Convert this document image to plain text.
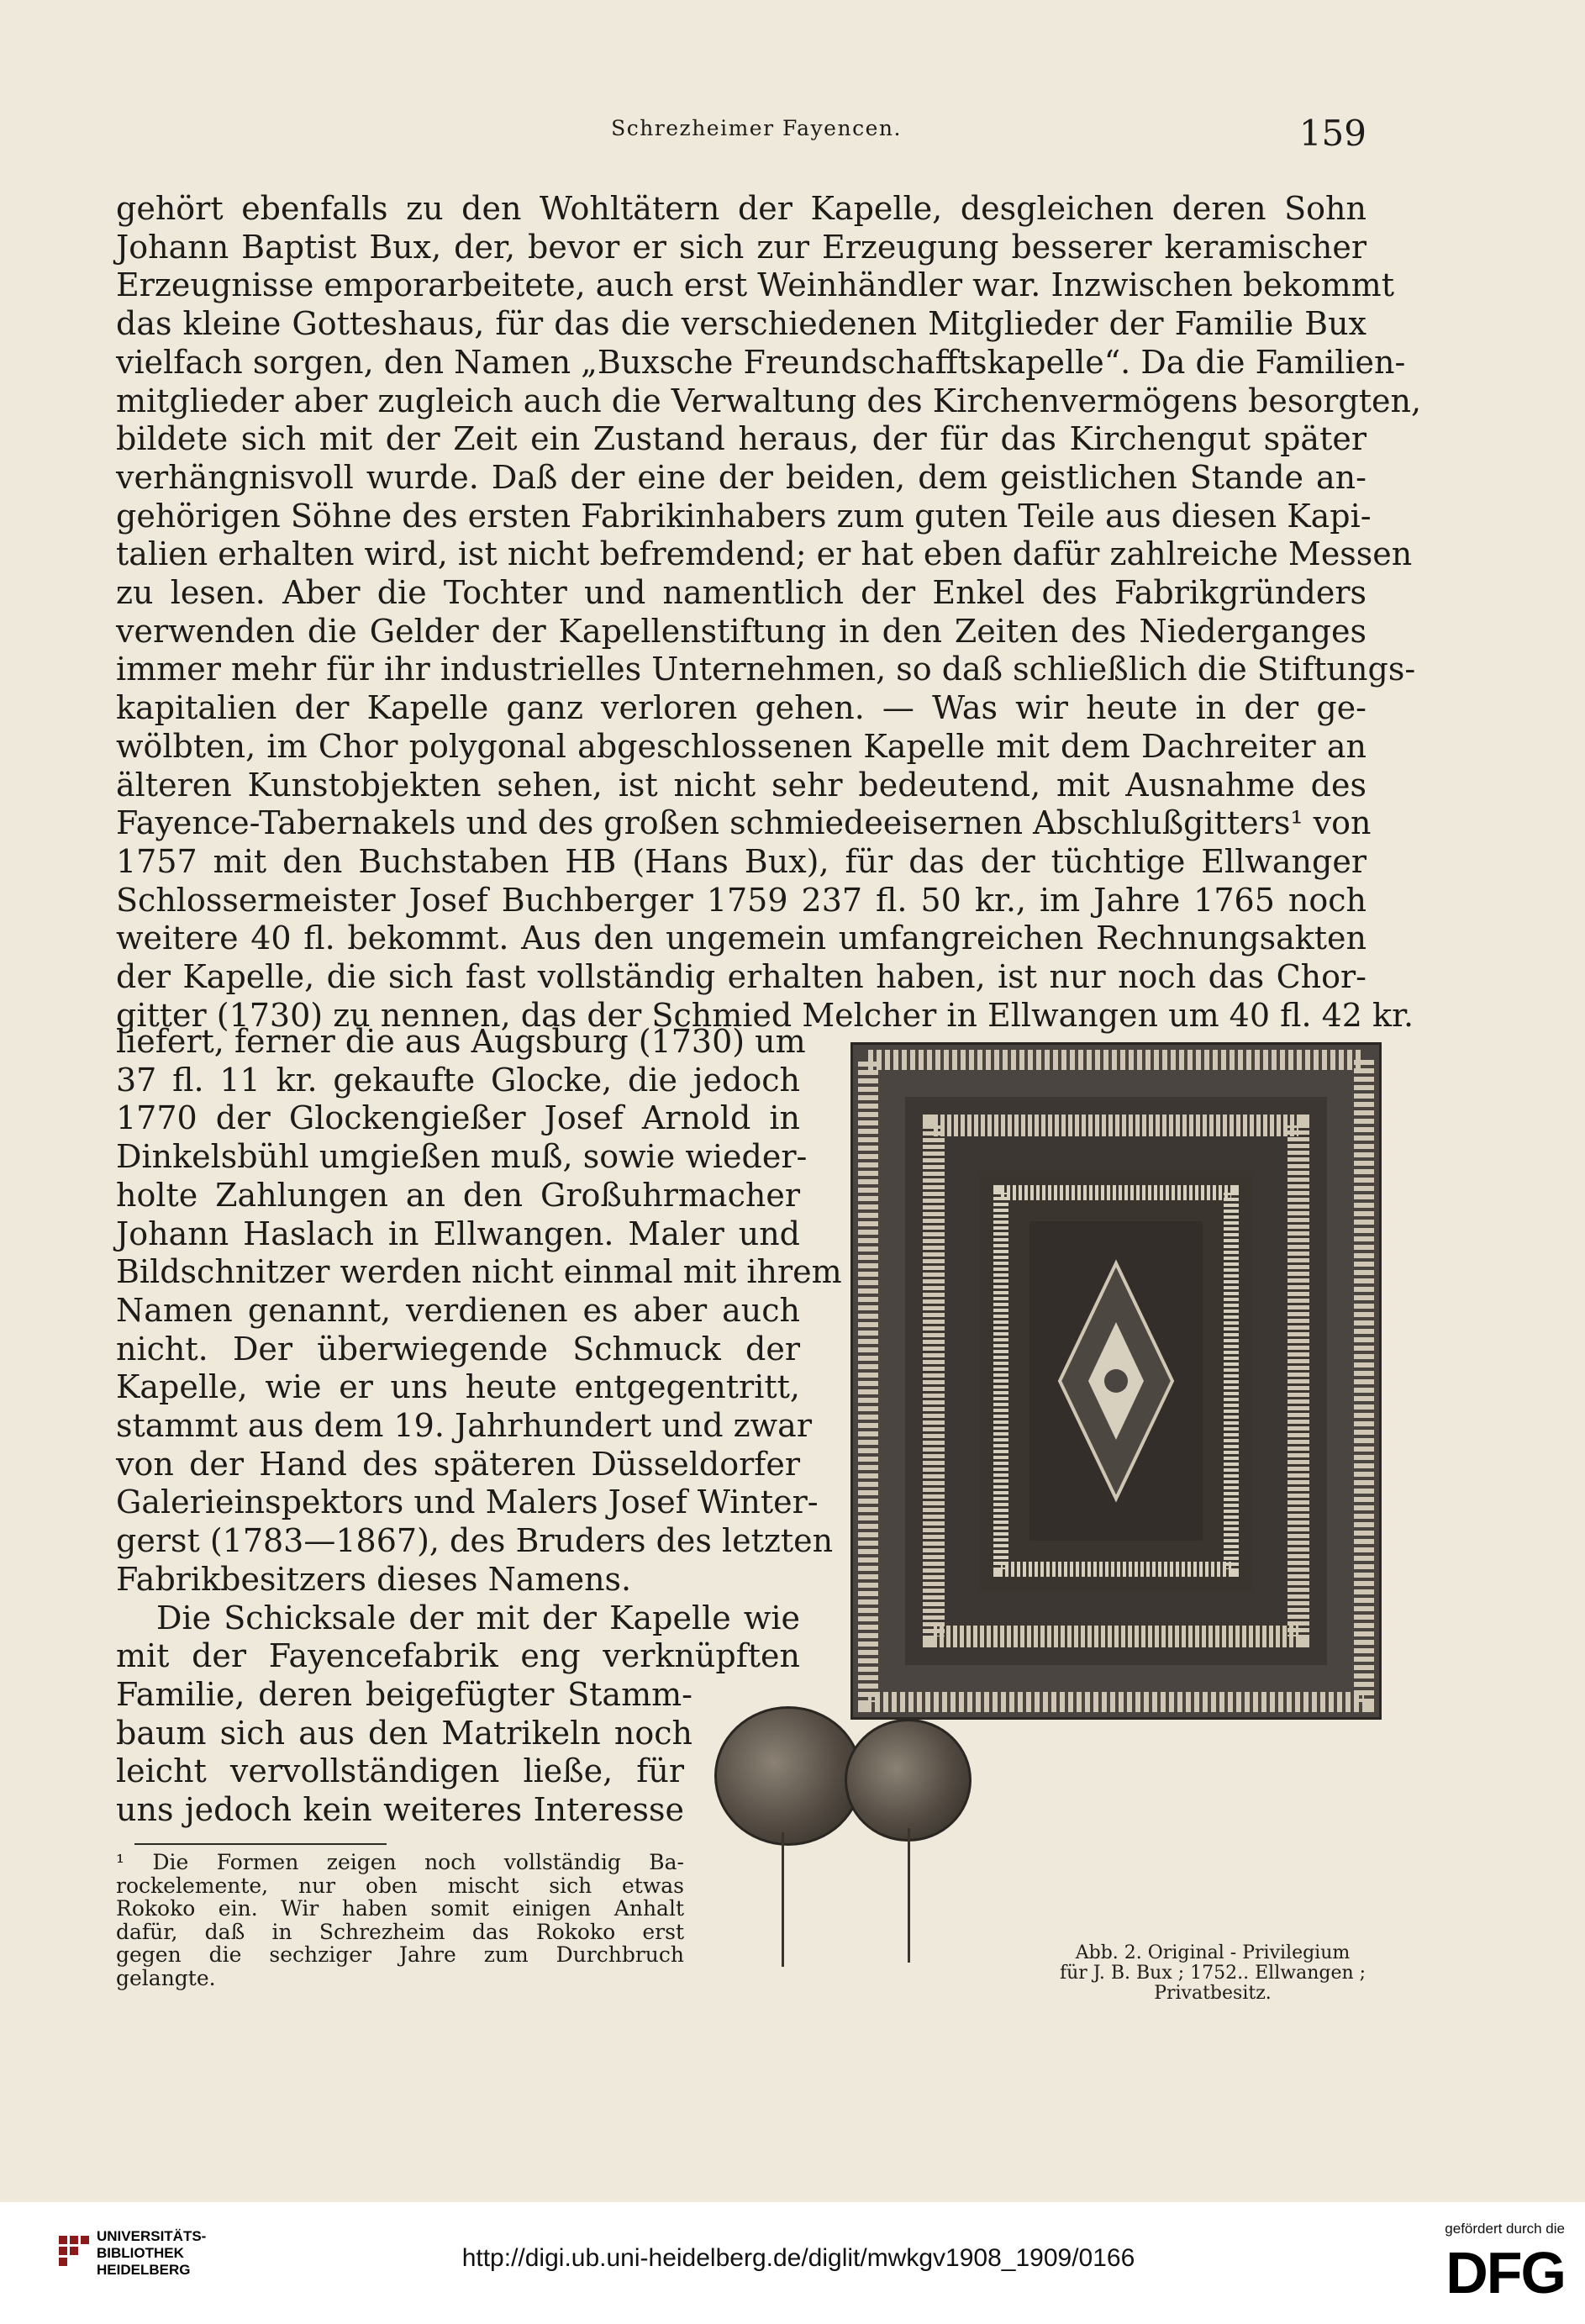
Schrezheimer Fayencen.	159
gehört ebenfalls zu den Wohltätern der Kapelle, desgleichen deren Sohn
Johann Baptist Bux, der, bevor er sich zur Erzeugung besserer keramischer
Erzeugnisse emporarbeitete, auch erst Weinhändler war. Inzwischen bekommt
das kleine Gotteshaus, für das die verschiedenen Mitglieder der Familie Bux
vielfach sorgen, den Namen „Buxsche Freundschafftskapelle“. Da die Familien-
mitglieder aber zugleich auch die Verwaltung des Kirchenvermögens besorgten,
bildete sich mit der Zeit ein Zustand heraus, der für das Kirchengut später
verhängnisvoll wurde. Daß der eine der beiden, dem geistlichen Stande an-
gehörigen Söhne des ersten Fabrikinhabers zum guten Teile aus diesen Kapi-
talien erhalten wird, ist nicht befremdend; er hat eben dafür zahlreiche Messen
zu lesen. Aber die Tochter und namentlich der Enkel des Fabrikgründers
verwenden die Gelder der Kapellenstiftung in den Zeiten des Niederganges
immer mehr für ihr industrielles Unternehmen, so daß schließlich die Stiftungs-
kapitalien der Kapelle ganz verloren gehen. — Was wir heute in der ge-
wölbten, im Chor polygonal abgeschlossenen Kapelle mit dem Dachreiter an
älteren Kunstobjekten sehen, ist nicht sehr bedeutend, mit Ausnahme des
Fayence-Tabernakels und des großen schmiedeeisernen Abschlußgitters¹ von
1757 mit den Buchstaben HB (Hans Bux), für das der tüchtige Ellwanger
Schlossermeister Josef Buchberger 1759 237 fl. 50 kr., im Jahre 1765 noch
weitere 40 fl. bekommt. Aus den ungemein umfangreichen Rechnungsakten
der Kapelle, die sich fast vollständig erhalten haben, ist nur noch das Chor-
gitter (1730) zu nennen, das der Schmied Melcher in Ellwangen um 40 fl. 42 kr.
liefert, ferner die aus Augsburg (1730) um
37 fl. 11 kr. gekaufte Glocke, die jedoch
1770 der Glockengießer Josef Arnold in
Dinkelsbühl umgießen muß, sowie wieder-
holte Zahlungen an den Großuhrmacher
Johann Haslach in Ellwangen. Maler und
Bildschnitzer werden nicht einmal mit ihrem
Namen genannt, verdienen es aber auch
nicht. Der überwiegende Schmuck der
Kapelle, wie er uns heute entgegentritt,
stammt aus dem 19. Jahrhundert und zwar
von der Hand des späteren Düsseldorfer
Galerieinspektors und Malers Josef Winter-
gerst (1783—1867), des Bruders des letzten
Fabrikbesitzers dieses Namens.
Die Schicksale der mit der Kapelle wie
mit der Fayencefabrik eng verknüpften
Familie, deren beigefügter Stamm-
baum sich aus den Matrikeln noch
leicht vervollständigen ließe, für
uns jedoch kein weiteres Interesse
¹ Die Formen zeigen noch vollständig Ba-
rockelemente, nur oben mischt sich etwas
Rokoko ein. Wir haben somit einigen Anhalt
dafür, daß in Schrezheim das Rokoko erst
gegen die sechziger Jahre zum Durchbruch
gelangte.
Abb. 2. Original - Privilegium
für J. B. Bux ; 1752.. Ellwangen ;
Privatbesitz.
UNIVERSITÄTS-
BIBLIOTHEK
HEIDELBERG	http://digi.ub.uni-heidelberg.de/diglit/mwkgv1908_1909/0166
gefördert durch die
DFG
